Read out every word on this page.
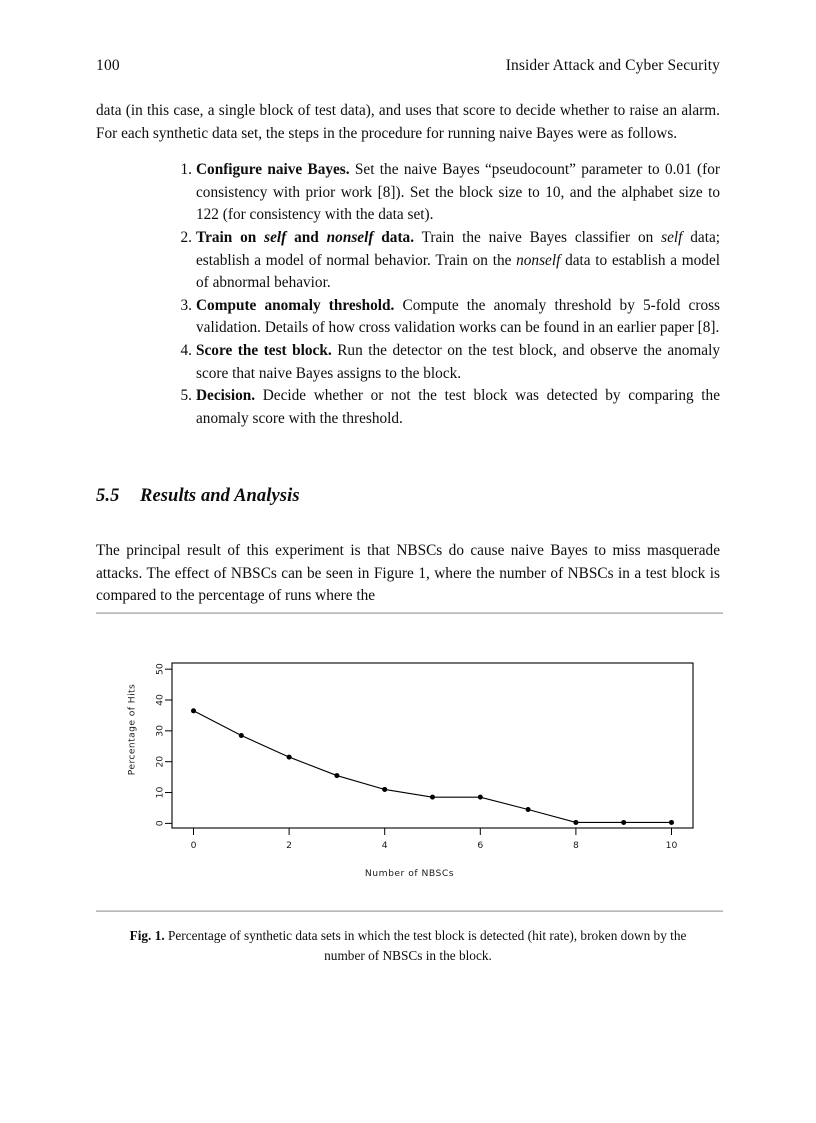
100	Insider Attack and Cyber Security

data (in this case, a single block of test data), and uses that score to decide whether to raise an alarm. For each synthetic data set, the steps in the procedure for running naive Bayes were as follows.

Configure naive Bayes. Set the naive Bayes “pseudocount” parameter to 0.01 (for consistency with prior work [8]). Set the block size to 10, and the alphabet size to 122 (for consistency with the data set).
Train on self and nonself data. Train the naive Bayes classifier on self data; establish a model of normal behavior. Train on the nonself data to establish a model of abnormal behavior.
Compute anomaly threshold. Compute the anomaly threshold by 5-fold cross validation. Details of how cross validation works can be found in an earlier paper [8].
Score the test block. Run the detector on the test block, and observe the anomaly score that naive Bayes assigns to the block.
Decision. Decide whether or not the test block was detected by comparing the anomaly score with the threshold.
5.5 Results and Analysis

The principal result of this experiment is that NBSCs do cause naive Bayes to miss masquerade attacks. The effect of NBSCs can be seen in Figure 1, where the number of NBSCs in a test block is compared to the percentage of runs where the

0
10
20
30
40
50
0	2	4	6	8	10
Percentage of Hits
Number of NBSCs
Fig. 1. Percentage of synthetic data sets in which the test block is detected (hit rate), broken down by the number of NBSCs in the block.
